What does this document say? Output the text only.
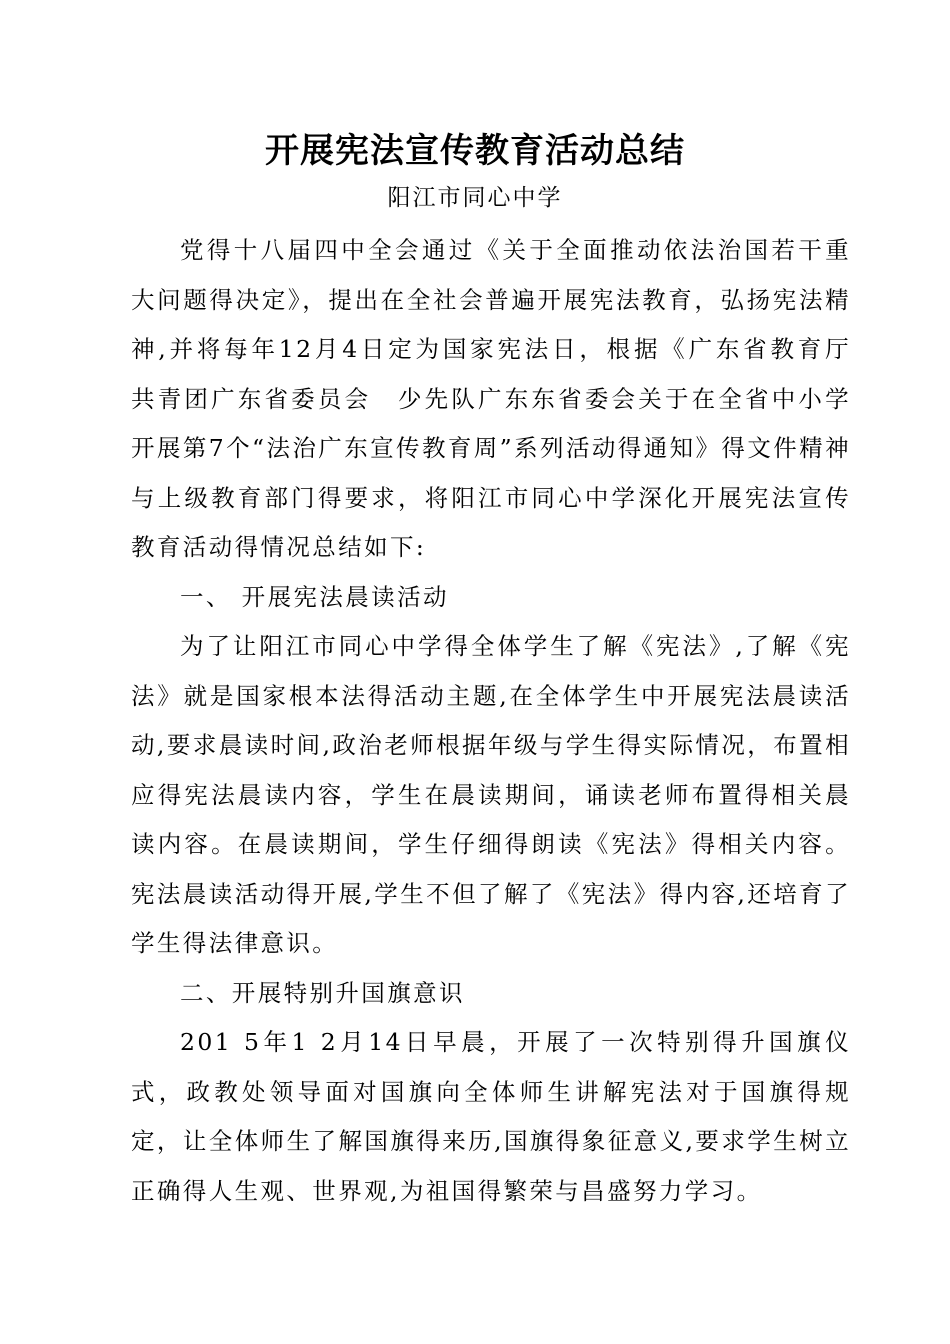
开展宪法宣传教育活动总结
阳江市同心中学

党得十八届四中全会通过《关于全面推动依法治国若干重大问题得决定》，提出在全社会普遍开展宪法教育，弘扬宪法精神,并将每年12月4日定为国家宪法日，根据《广东省教育厅　共青团广东省委员会　少先队广东东省委会关于在全省中小学开展第7个“法治广东宣传教育周”系列活动得通知》得文件精神与上级教育部门得要求，将阳江市同心中学深化开展宪法宣传教育活动得情况总结如下:

一、 开展宪法晨读活动

为了让阳江市同心中学得全体学生了解《宪法》,了解《宪法》就是国家根本法得活动主题,在全体学生中开展宪法晨读活动,要求晨读时间,政治老师根据年级与学生得实际情况，布置相应得宪法晨读内容，学生在晨读期间，诵读老师布置得相关晨读内容。在晨读期间，学生仔细得朗读《宪法》得相关内容。宪法晨读活动得开展,学生不但了解了《宪法》得内容,还培育了学生得法律意识。

二、开展特别升国旗意识

201 5年1 2月14日早晨，开展了一次特别得升国旗仪式，政教处领导面对国旗向全体师生讲解宪法对于国旗得规定，让全体师生了解国旗得来历,国旗得象征意义,要求学生树立正确得人生观、世界观,为祖国得繁荣与昌盛努力学习。
